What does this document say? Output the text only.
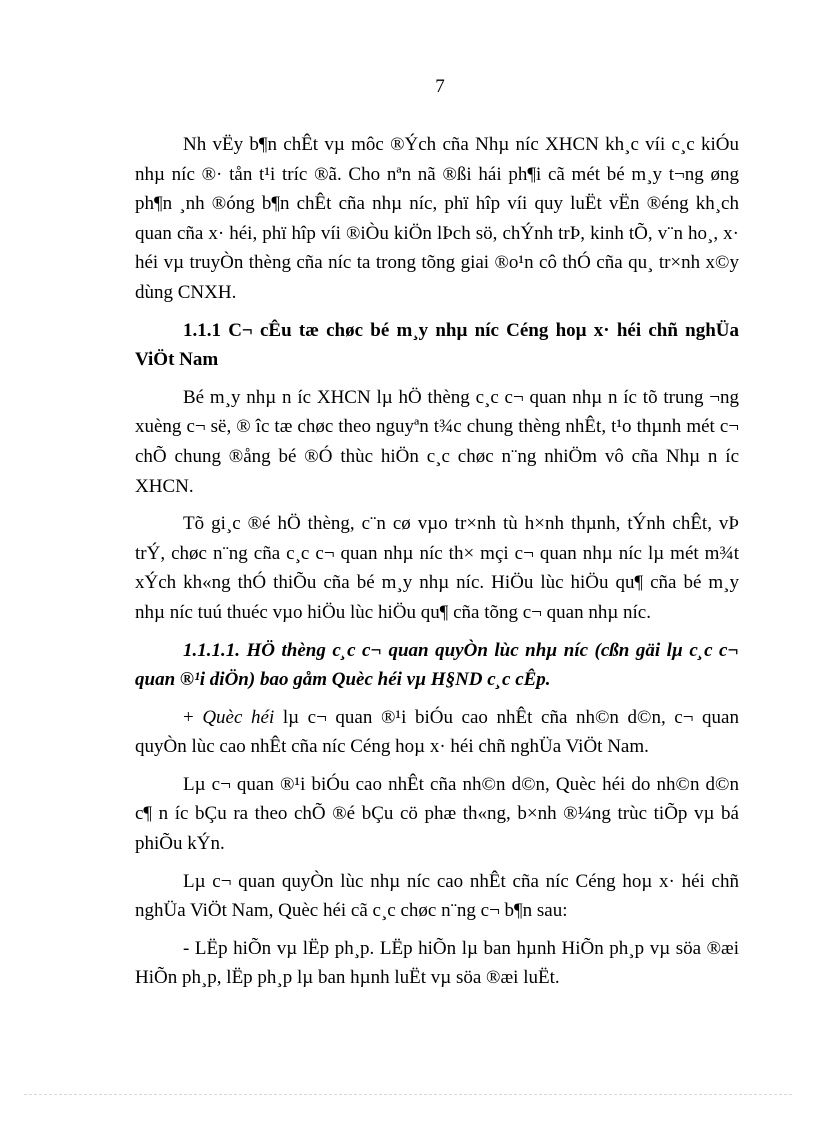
7

Nh vËy b¶n chÊt vµ môc ®Ých cña Nhµ níc XHCN kh¸c víi c¸c kiÓu nhµ níc ®· tån t¹i tríc ®ã. Cho nªn nã ®ßi hái ph¶i cã mét bé m¸y t¬ng øng ph¶n ¸nh ®óng b¶n chÊt cña nhµ níc, phï hîp víi quy luËt vËn ®éng kh¸ch quan cña x· héi, phï hîp víi ®iÒu kiÖn lÞch sö, chÝnh trÞ, kinh tÕ, v¨n ho¸, x· héi vµ truyÒn thèng cña níc ta trong tõng giai ®o¹n cô thÓ cña qu¸ tr×nh x©y dùng CNXH.

1.1.1 C¬ cÊu tæ chøc bé m¸y nhµ níc Céng hoµ x· héi chñ nghÜa ViÖt Nam

Bé m¸y nhµ n íc XHCN lµ hÖ thèng c¸c c¬ quan nhµ n íc tõ trung ¬ng xuèng c¬ së, ® îc tæ chøc theo nguyªn t¾c chung thèng nhÊt, t¹o thµnh mét c¬ chÕ chung ®ång bé ®Ó thùc hiÖn c¸c chøc n¨ng nhiÖm vô cña Nhµ n íc XHCN.

Tõ gi¸c ®é hÖ thèng, c¨n cø vµo tr×nh tù h×nh thµnh, tÝnh chÊt, vÞ trÝ, chøc n¨ng cña c¸c c¬ quan nhµ níc th× mçi c¬ quan nhµ níc lµ mét m¾t xÝch kh«ng thÓ thiÕu cña bé m¸y nhµ níc. HiÖu lùc hiÖu qu¶ cña bé m¸y nhµ níc tuú thuéc vµo hiÖu lùc hiÖu qu¶ cña tõng c¬ quan nhµ níc.

1.1.1.1. HÖ thèng c¸c c¬ quan quyÒn lùc nhµ níc (cßn gäi lµ c¸c c¬ quan ®¹i diÖn) bao gåm Quèc héi vµ H§ND c¸c cÊp.

+ Quèc héi lµ c¬ quan ®¹i biÓu cao nhÊt cña nh©n d©n, c¬ quan quyÒn lùc cao nhÊt cña níc Céng hoµ x· héi chñ nghÜa ViÖt Nam.

Lµ c¬ quan ®¹i biÓu cao nhÊt cña nh©n d©n, Quèc héi do nh©n d©n c¶ n íc bÇu ra theo chÕ ®é bÇu cö phæ th«ng, b×nh ®¼ng trùc tiÕp vµ bá phiÕu kÝn.

Lµ c¬ quan quyÒn lùc nhµ níc cao nhÊt cña níc Céng hoµ x· héi chñ nghÜa ViÖt Nam, Quèc héi cã c¸c chøc n¨ng c¬ b¶n sau:

- LËp hiÕn vµ lËp ph¸p. LËp hiÕn lµ ban hµnh HiÕn ph¸p vµ söa ®æi HiÕn ph¸p, lËp ph¸p lµ ban hµnh luËt vµ söa ®æi luËt.
